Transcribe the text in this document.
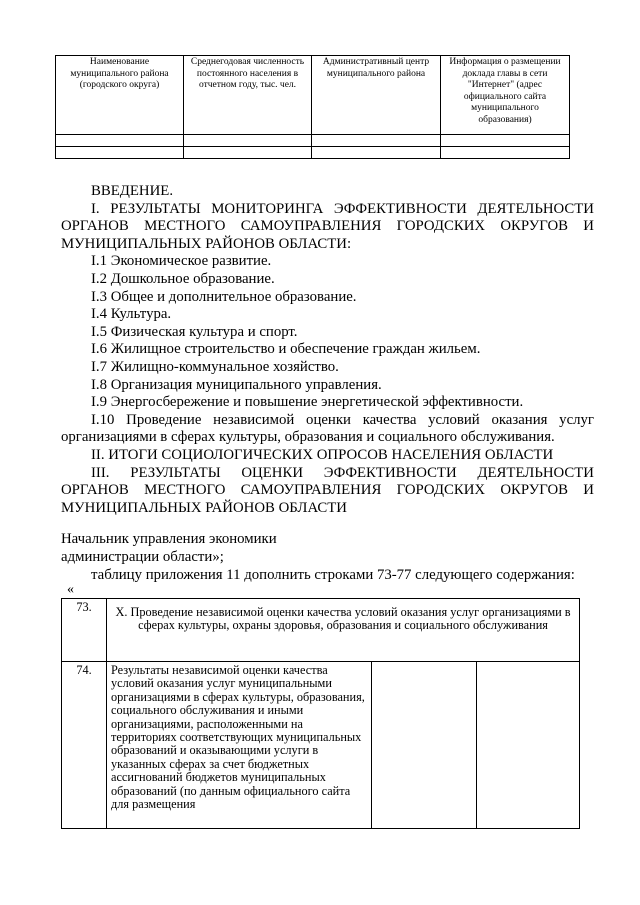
Наименование муниципального района (городского округа)	Среднегодовая численность постоянного населения в отчетном году, тыс. чел.	Административный центр муниципального района	Информация о размещении доклада главы в сети "Интернет" (адрес официального сайта муниципального образования)

ВВЕДЕНИЕ.

I. РЕЗУЛЬТАТЫ МОНИТОРИНГА ЭФФЕКТИВНОСТИ ДЕЯТЕЛЬНОСТИ ОРГАНОВ МЕСТНОГО САМОУПРАВЛЕНИЯ ГОРОДСКИХ ОКРУГОВ И МУНИЦИПАЛЬНЫХ РАЙОНОВ ОБЛАСТИ:

I.1 Экономическое развитие.

I.2 Дошкольное образование.

I.3 Общее и дополнительное образование.

I.4 Культура.

I.5 Физическая культура и спорт.

I.6 Жилищное строительство и обеспечение граждан жильем.

I.7 Жилищно-коммунальное хозяйство.

I.8 Организация муниципального управления.

I.9 Энергосбережение и повышение энергетической эффективности.

I.10 Проведение независимой оценки качества условий оказания услуг организациями в сферах культуры, образования и социального обслуживания.

II. ИТОГИ СОЦИОЛОГИЧЕСКИХ ОПРОСОВ НАСЕЛЕНИЯ ОБЛАСТИ

III. РЕЗУЛЬТАТЫ ОЦЕНКИ ЭФФЕКТИВНОСТИ ДЕЯТЕЛЬНОСТИ ОРГАНОВ МЕСТНОГО САМОУПРАВЛЕНИЯ ГОРОДСКИХ ОКРУГОВ И МУНИЦИПАЛЬНЫХ РАЙОНОВ ОБЛАСТИ

Начальник управления экономики
администрации области»;
таблицу приложения 11 дополнить строками 73-77 следующего содержания:
«
73.	X. Проведение независимой оценки качества условий оказания услуг организациями в сферах культуры, охраны здоровья, образования и социального обслуживания		
74.	Результаты независимой оценки качества условий оказания услуг муниципальными организациями в сферах культуры, образования, социального обслуживания и иными организациями, расположенными на территориях соответствующих муниципальных образований и оказывающими услуги в указанных сферах за счет бюджетных ассигнований бюджетов муниципальных образований (по данным официального сайта для размещения		
